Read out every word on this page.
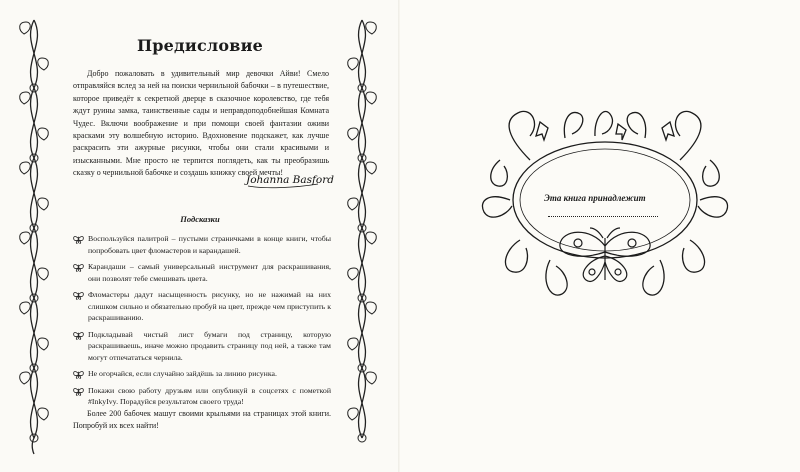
Предисловие

Добро пожаловать в удивительный мир девочки Айви! Смело отправляйся вслед за ней на поиски чернильной бабочки – в путешествие, которое приведёт к секретной дверце в сказочное королевство, где тебя ждут руины замка, таинственные сады и неправдоподобнейшая Комната Чудес. Включи воображение и при помощи своей фантазии оживи красками эту волшебную историю. Вдохновение подскажет, как лучше раскрасить эти ажурные рисунки, чтобы они стали красивыми и изысканными. Мне просто не терпится поглядеть, как ты преобразишь сказку о чернильной бабочке и создашь книжку своей мечты!

Johanna Basford
Подсказки
Воспользуйся палитрой – пустыми страничками в конце книги, чтобы попробовать цвет фломастеров и карандашей.
Карандаши – самый универсальный инструмент для раскрашивания, они позволят тебе смешивать цвета.
Фломастеры дадут насыщенность рисунку, но не нажимай на них слишком сильно и обязательно пробуй на цвет, прежде чем приступить к раскрашиванию.
Подкладывай чистый лист бумаги под страницу, которую раскрашиваешь, иначе можно продавить страницу под ней, а также там могут отпечататься чернила.
Не огорчайся, если случайно зайдёшь за линию рисунка.
Покажи свою работу друзьям или опубликуй в соцсетях с пометкой #InkyIvy. Порадуйся результатом своего труда!

Более 200 бабочек машут своими крыльями на страницах этой книги. Попробуй их всех найти!

Эта книга принадлежит
